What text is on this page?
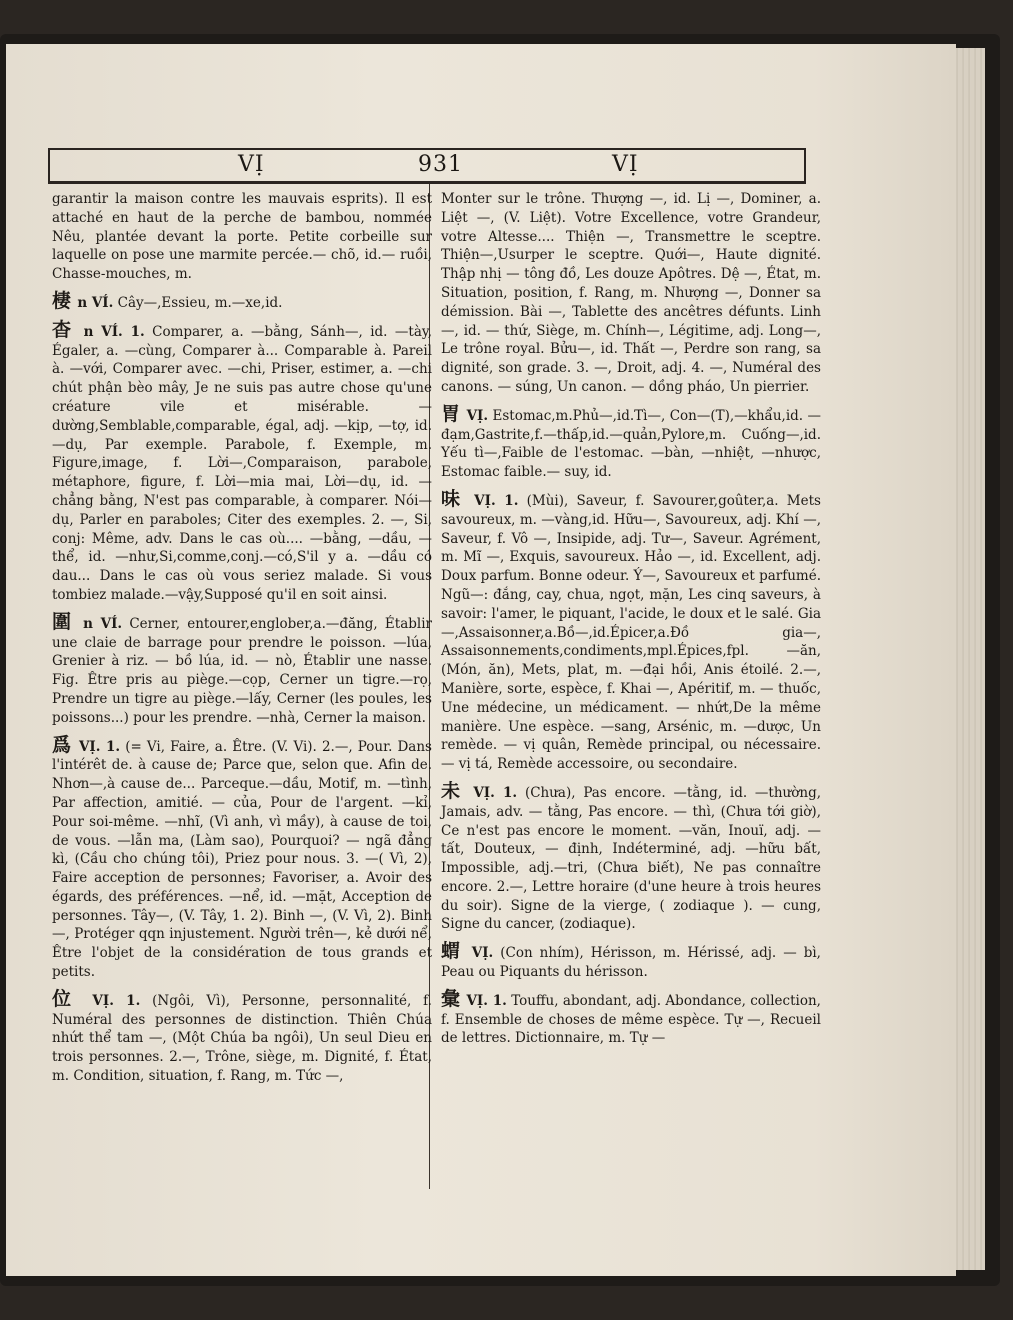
VỊ	931	VỊ

garantir la maison contre les mauvais esprits). Il est attaché en haut de la perche de bambou, nommée Nêu, plantée devant la porte. Petite corbeille sur laquelle on pose une marmite percée.— chõ, id.— ruồi, Chasse-mouches, m.

棲 n VÍ. Cây—,Essieu, m.—xe,id.

杳 n VÍ. 1. Comparer, a. —bằng, Sánh—, id. —tày, Égaler, a. —cùng, Comparer à... Comparable à. Pareil à. —với, Comparer avec. —chi, Priser, estimer, a. —chi chút phận bèo mây, Je ne suis pas autre chose qu'une créature vile et misérable. —dường,Semblable,comparable, égal, adj. —kịp, —tợ, id. —dụ, Par exemple. Parabole, f. Exemple, m. Figure,image, f. Lời—,Comparaison, parabole, métaphore, figure, f. Lời—mia mai, Lời—dụ, id. —chẳng bằng, N'est pas comparable, à comparer. Nói—dụ, Parler en paraboles; Citer des exemples. 2. —, Si, conj: Même, adv. Dans le cas où.... —bằng, —dầu, —thể, id. —như,Si,comme,conj.—có,S'il y a. —dầu có dau... Dans le cas où vous seriez malade. Si vous tombiez malade.—vậy,Supposé qu'il en soit ainsi.

圍 n VÍ. Cerner, entourer,englober,a.—đăng, Établir une claie de barrage pour prendre le poisson. —lúa, Grenier à riz. — bồ lúa, id. — nò, Établir une nasse. Fig. Être pris au piège.—cọp, Cerner un tigre.—rọ, Prendre un tigre au piège.—lấy, Cerner (les poules, les poissons...) pour les prendre. —nhà, Cerner la maison.

爲 VỊ. 1. (= Vi, Faire, a. Être. (V. Vi). 2.—, Pour. Dans l'intérêt de. à cause de; Parce que, selon que. Afin de. Nhơn—,à cause de... Parceque.—dầu, Motif, m. —tình, Par affection, amitié. — của, Pour de l'argent. —kỉ, Pour soi-même. —nhĩ, (Vì anh, vì mầy), à cause de toi, de vous. —lẫn ma, (Làm sao), Pourquoi? — ngã đẳng kì, (Cầu cho chúng tôi), Priez pour nous. 3. —( Vì, 2), Faire acception de personnes; Favoriser, a. Avoir des égards, des préférences. —nể, id. —mặt, Acception de personnes. Tây—, (V. Tây, 1. 2). Binh —, (V. Vì, 2). Binh—, Protéger qqn injustement. Người trên—, kẻ dưới nể, Être l'objet de la considération de tous grands et petits.

位 VỊ. 1. (Ngôi, Vì), Personne, personnalité, f. Numéral des personnes de distinction. Thiên Chúa nhứt thể tam —, (Một Chúa ba ngôi), Un seul Dieu en trois personnes. 2.—, Trône, siège, m. Dignité, f. État, m. Condition, situation, f. Rang, m. Tức —,

Monter sur le trône. Thượng —, id. Lị —, Dominer, a. Liệt —, (V. Liệt). Votre Excellence, votre Grandeur, votre Altesse.... Thiện —, Transmettre le sceptre. Thiện—,Usurper le sceptre. Quới—, Haute dignité. Thập nhị — tông đồ, Les douze Apôtres. Dệ —, État, m. Situation, position, f. Rang, m. Nhượng —, Donner sa démission. Bài —, Tablette des ancêtres défunts. Linh —, id. — thứ, Siège, m. Chính—, Légitime, adj. Long—, Le trône royal. Bửu—, id. Thất —, Perdre son rang, sa dignité, son grade. 3. —, Droit, adj. 4. —, Numéral des canons. — súng, Un canon. — dồng pháo, Un pierrier.

胃 VỊ. Estomac,m.Phủ—,id.Tì—, Con—(T),—khẩu,id. —đạm,Gastrite,f.—thấp,id.—quản,Pylore,m. Cuống—,id. Yếu tì—,Faible de l'estomac. —bàn, —nhiệt, —nhược, Estomac faible.— suy, id.

味 VỊ. 1. (Mùi), Saveur, f. Savourer,goûter,a. Mets savoureux, m. —vàng,id. Hữu—, Savoureux, adj. Khí —, Saveur, f. Vô —, Insipide, adj. Tư—, Saveur. Agrément, m. Mĩ —, Exquis, savoureux. Hảo —, id. Excellent, adj. Doux parfum. Bonne odeur. Ý—, Savoureux et parfumé. Ngũ—: đắng, cay, chua, ngọt, mặn, Les cinq saveurs, à savoir: l'amer, le piquant, l'acide, le doux et le salé. Gia —,Assaisonner,a.Bồ—,id.Épicer,a.Đồ gia—, Assaisonnements,condiments,mpl.Épices,fpl. —ăn, (Món, ăn), Mets, plat, m. —đại hồi, Anis étoilé. 2.—, Manière, sorte, espèce, f. Khai —, Apéritif, m. — thuốc, Une médecine, un médicament. — nhứt,De la même manière. Une espèce. —sang, Arsénic, m. —dược, Un remède. — vị quân, Remède principal, ou nécessaire. — vị tá, Remède accessoire, ou secondaire.

未 VỊ. 1. (Chưa), Pas encore. —tằng, id. —thường, Jamais, adv. — tằng, Pas encore. — thì, (Chưa tới giờ), Ce n'est pas encore le moment. —văn, Inouï, adj. — tất, Douteux, — định, Indéterminé, adj. —hữu bất, Impossible, adj.—tri, (Chưa biết), Ne pas connaître encore. 2.—, Lettre horaire (d'une heure à trois heures du soir). Signe de la vierge, ( zodiaque ). — cung, Signe du cancer, (zodiaque).

蝟 VỊ. (Con nhím), Hérisson, m. Hérissé, adj. — bì, Peau ou Piquants du hérisson.

彙 VỊ. 1. Touffu, abondant, adj. Abondance, collection, f. Ensemble de choses de même espèce. Tự —, Recueil de lettres. Dictionnaire, m. Tự —
